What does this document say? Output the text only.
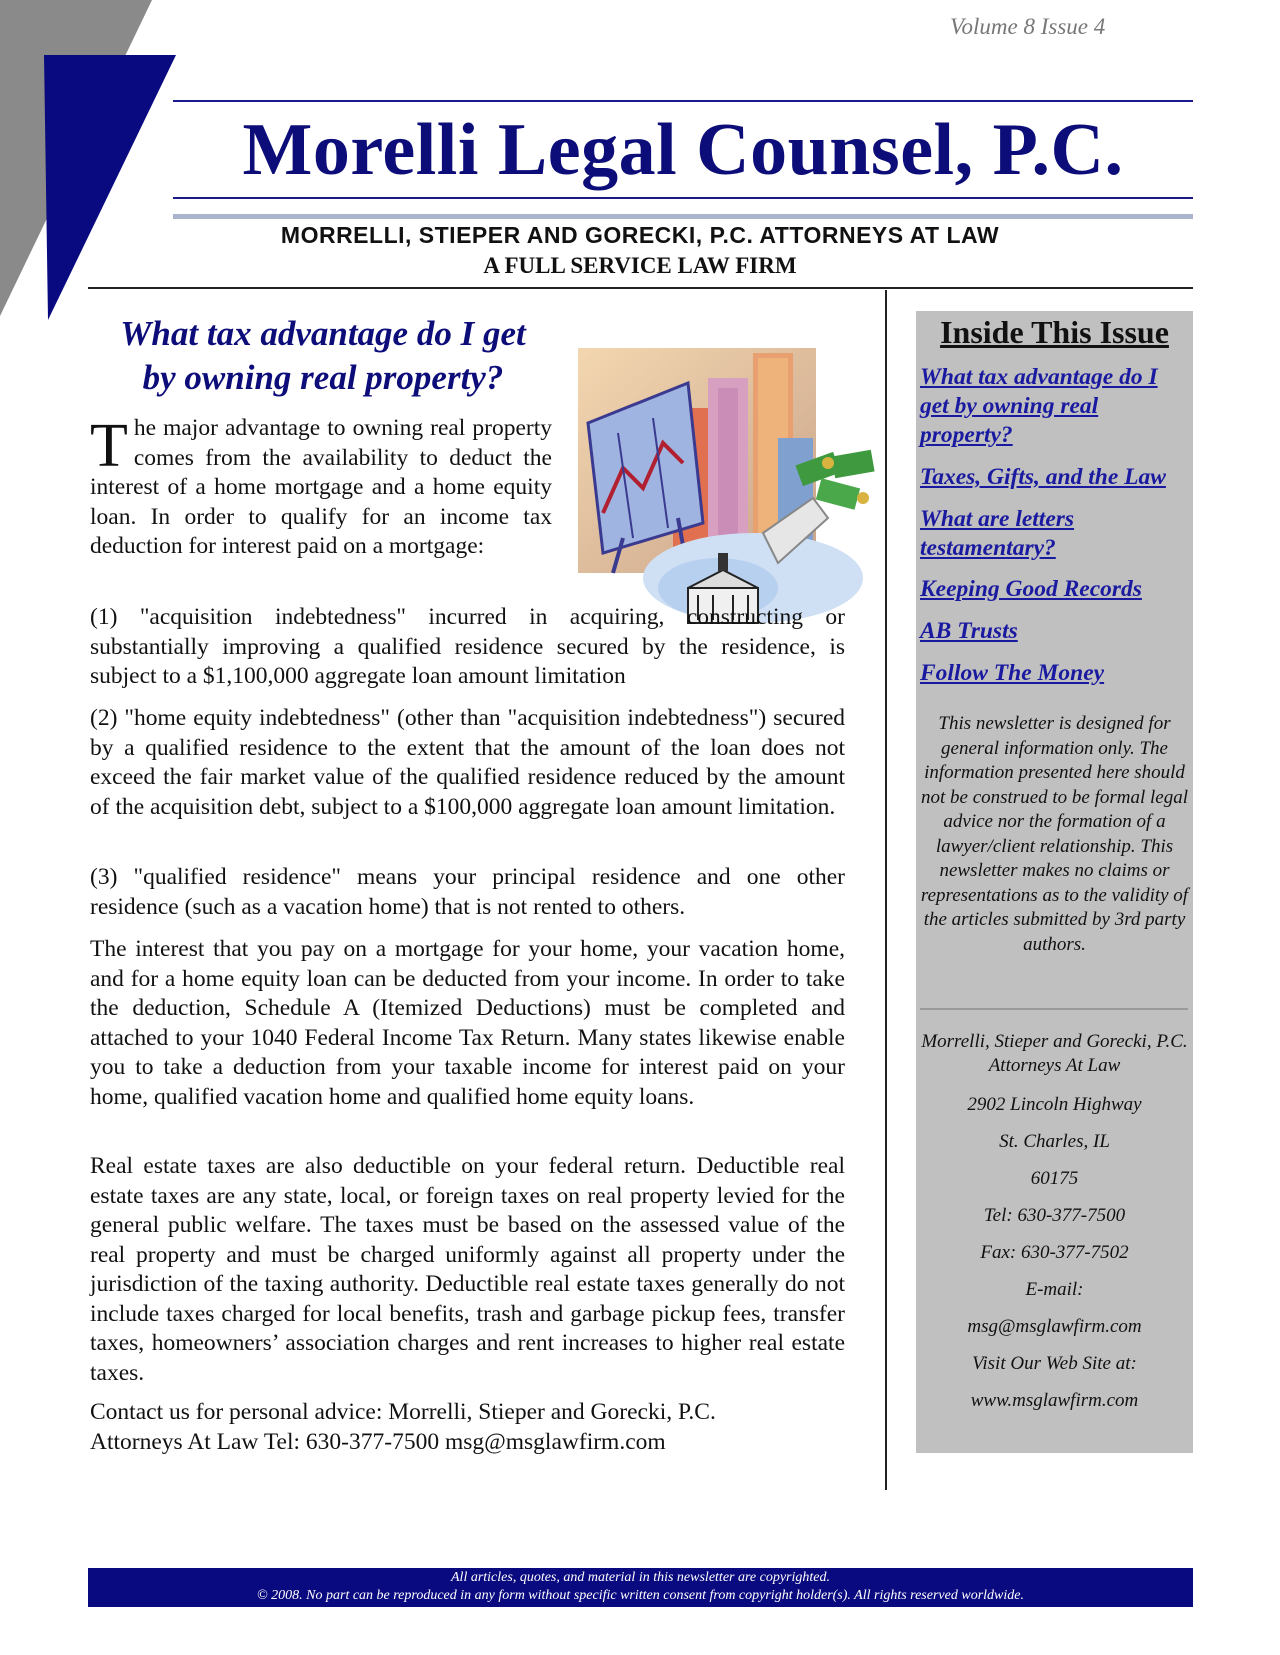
Volume 8 Issue 4
Morelli Legal Counsel, P.C.
MORRELLI, STIEPER AND GORECKI, P.C. ATTORNEYS AT LAW
A FULL SERVICE LAW FIRM
What tax advantage do I get
by owning real property?
The major advantage to owning real property comes from the availability to deduct the interest of a home mortgage and a home equity loan. In order to qualify for an income tax deduction for interest paid on a mortgage:
(1) "acquisition indebtedness" incurred in acquiring, constructing or substantially improving a qualified residence secured by the residence, is subject to a $1,100,000 aggregate loan amount limitation
(2) "home equity indebtedness" (other than "acquisition indebtedness") secured by a qualified residence to the extent that the amount of the loan does not exceed the fair market value of the qualified residence reduced by the amount of the acquisition debt, subject to a $100,000 aggregate loan amount limitation.
(3) "qualified residence" means your principal residence and one other residence (such as a vacation home) that is not rented to others.
The interest that you pay on a mortgage for your home, your vacation home, and for a home equity loan can be deducted from your income. In order to take the deduction, Schedule A (Itemized Deductions) must be completed and attached to your 1040 Federal Income Tax Return. Many states likewise enable you to take a deduction from your taxable income for interest paid on your home, qualified vacation home and qualified home equity loans.
Real estate taxes are also deductible on your federal return. Deductible real estate taxes are any state, local, or foreign taxes on real property levied for the general public welfare. The taxes must be based on the assessed value of the real property and must be charged uniformly against all property under the jurisdiction of the taxing authority. Deductible real estate taxes generally do not include taxes charged for local benefits, trash and garbage pickup fees, transfer taxes, homeowners’ association charges and rent increases to higher real estate taxes.
Contact us for personal advice: Morrelli, Stieper and Gorecki, P.C.
Attorneys At Law Tel: 630-377-7500 msg@msglawfirm.com
Inside This Issue
What tax advantage do I get by owning real property?
Taxes, Gifts, and the Law
What are letters testamentary?
Keeping Good Records
AB Trusts
Follow The Money
This newsletter is designed for general information only. The information presented here should not be construed to be formal legal advice nor the formation of a lawyer/client relationship. This newsletter makes no claims or representations as to the validity of the articles submitted by 3rd party authors.
Morrelli, Stieper and Gorecki, P.C. Attorneys At Law
2902 Lincoln Highway
St. Charles, IL
60175
Tel: 630-377-7500
Fax: 630-377-7502
E-mail:
msg@msglawfirm.com
Visit Our Web Site at:
www.msglawfirm.com
All articles, quotes, and material in this newsletter are copyrighted.
© 2008. No part can be reproduced in any form without specific written consent from copyright holder(s). All rights reserved worldwide.
